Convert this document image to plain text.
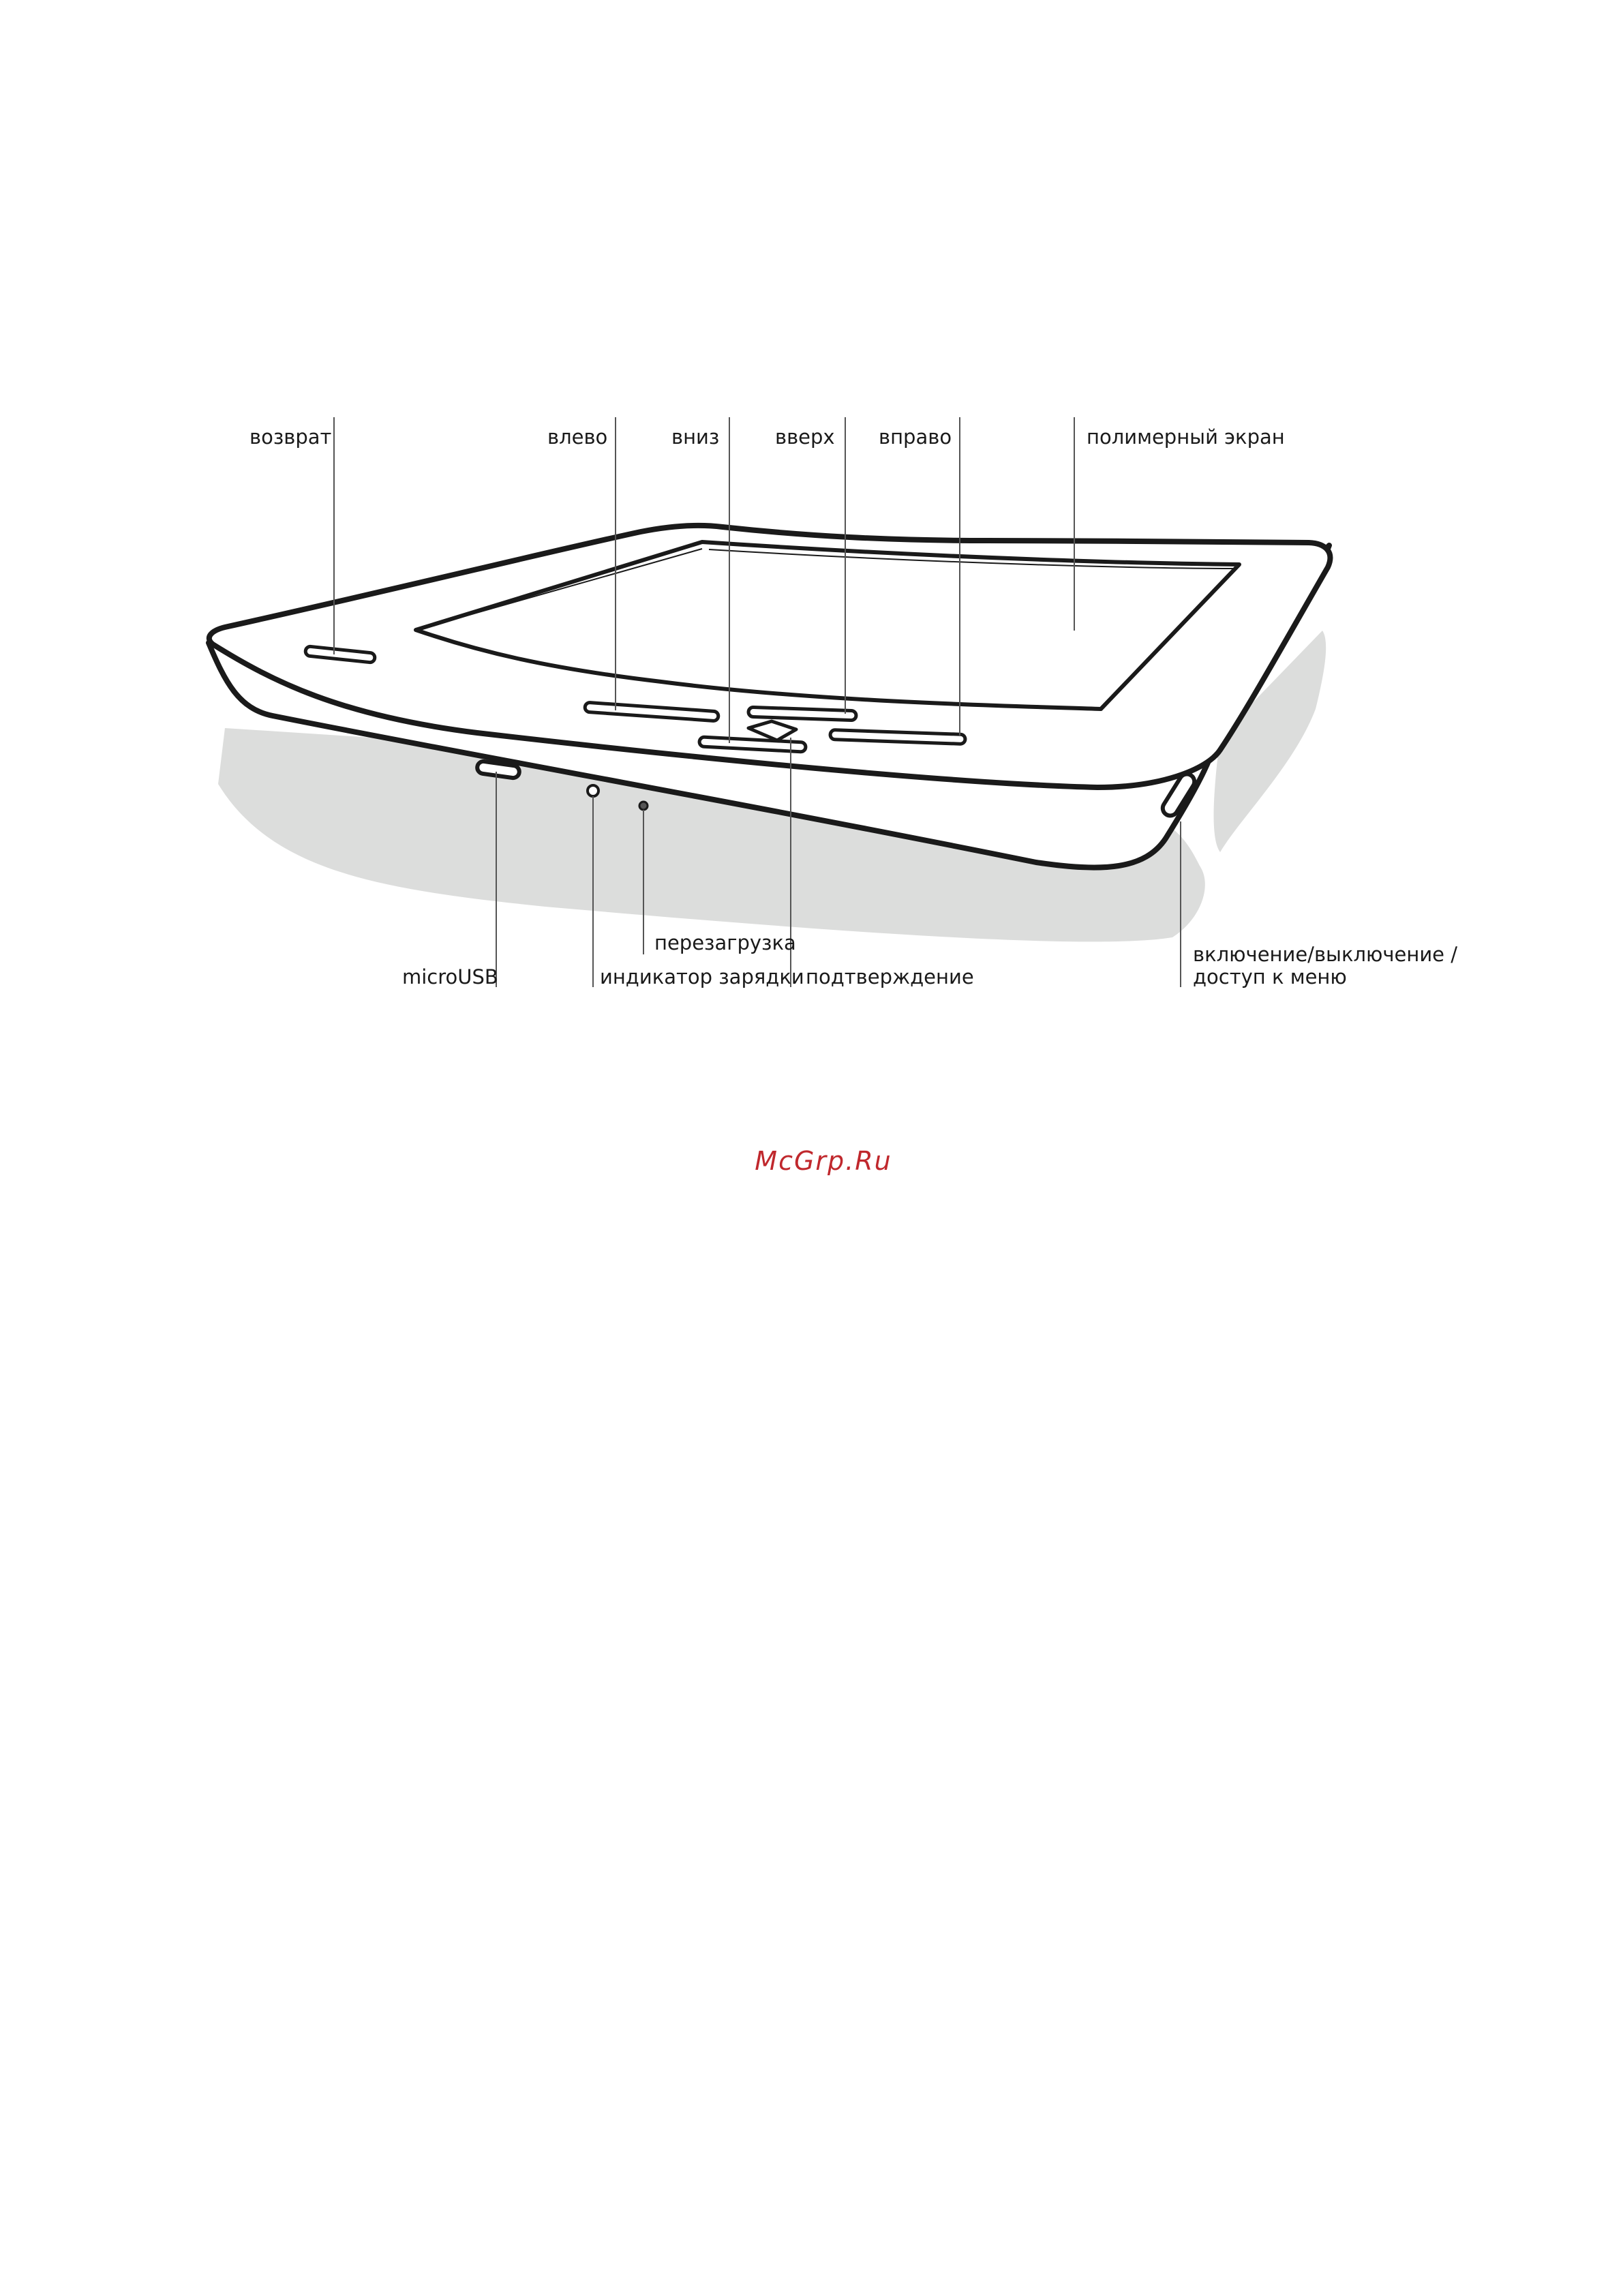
возврат	влево	вниз	вверх вправо	полимерный экран
перезагрузка
microUSB	индикатор зарядки подтверждение
включение/выключение /
доступ к меню
McGrp.Ru
